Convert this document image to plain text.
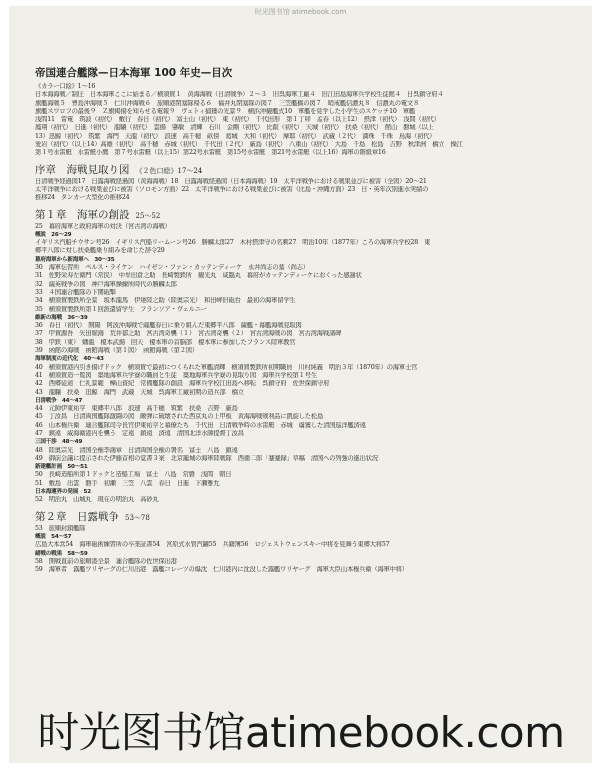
时光图书馆 atimebook.com
帝国連合艦隊—日本海軍 100 年史—目次
《カラー口絵》1〜16
日本海海戦／制圧　日本海軍ここに始まる／横須賀１　黄海海戦（日清戦争）２〜３　旧呉海軍工廠４　旧江田島海軍兵学校生徒館４　日呉鎮守府４
旗艦海戦５　豊島沖海戦５　仁川沖海戦６　旅順港閉塞隊帰る６　福井丸閉塞隊の図７　三笠艦橋の図７　哨戒艦信濃丸８　信濃丸の電文８
旗艦スワロフの最後９　Ｚ旗掲揚を知らせる電報９　ヴェトィ捕獲の光景９　横浜沖観艦式10　軍艦を見学した小学生のスケッチ10　軍艦
浅間11　雷電　筑波（初代）　敷行　春日（初代）　富士山（初代）　東（初代）　千代田形　第１丁卯　孟春（以上12）　摂津（初代）　浅間（初代）
鳳翔（初代）　日進（初代）　龍驤（初代）　雲揚　肇敏　清輝　石川　金剛（初代）　比叡（初代）　天城（初代）　扶桑（初代）　館山　磐城（以上
13）迅鯨（初代）　筑紫　海門　天龍（初代）　浪速　高千穂　畝傍　葛城　大和（初代）　摩耶（初代）　武蔵（２代）　満珠　千珠　鳥海（初代）
愛岩（初代）（以上14）高雄（初代）　高千穂　赤城（初代）　千代田（２代）　厳島（初代）　八重山（初代）　大島　千島　松島　吉野　秋津洲　橋立　操江
第１号水雷艇　水雷艇小鷹　第７号水雷艇（以上15）第22号水雷艇　第15号水雷艇　第21号水雷艇（以上16）海軍の階級章16
序章　海戦見取り図 《２色口絵》17〜24
日清戦争経過図17　日露海戦経過図（黄海海戦）18　日露海戦経過図（日本海海戦）19　太平洋戦争における戦果並びに被害（全図）20〜21
太平洋戦争における戦果並びに被害（ソロモン方面）22　太平洋戦争における戦果並びに被害（比島・沖縄方面）23　日・英年次別進水実績の
推移24　タンカー大型化の推移24
第１章　海軍の創設 25〜52
25　幕府海軍と政府海軍の対決（宮古湾の海戦）
概説　26〜29
イギリス汽船チウサン号26　イギリス汽船リームーン号26　勝麟太郎27　木村摂津守の名刺27　明治10年（1877年）ころの海軍兵学校28　東
郷平八郎に対し扶桑艦乗り組みを命じた辞令29
幕府海軍から新海軍へ　30〜35
30　海軍伝習所　ペルス・ライケン　ハイゼン・ファン・カッテンディーケ　永井尚志の墓（尚志）
31　佐野栄寿左衛門（常民）　中牟田倉之助　長崎製鉄所　観光丸　咸臨丸　幕府がカッテンディーケにおくった感謝状
32　薩英戦争の図　神戸海軍操練所時代の勝麟太郎
33　４国連合艦隊の下関砲撃
34　横須賀製鉄所全景　坂本龍馬　伊達陸之助（陸奥宗光）　和田岬旧砲台　最初の海軍留学生
35　横須賀製鉄所第１回派遣留学生　フランソア・ヴェルニー
維新の海戦　36〜39
36　春日（初代）　開陽　阿波沖海戦で薩艦春日に乗り組んだ東郷平八郎　薩艦・幕艦海戦見取図
37　甲賀源吾　矢田堀鴻　荒井郁之助　宮古湾奇襲（１）　宮古湾奇襲（２）　宮古湾海戦の図　宮古湾海戦諸碑
38　甲鉄（東）　蟠龍　榎本武揚　回天　榎本軍の首脳部　榎本軍に参加したフランス陸軍教官
39　函館の海戦　函館海戦（第１図）　函館海戦（第２図）
海軍制度の近代化　40〜43
40　横須賀港内引き揚げドック　横須賀で最初につくられた軍艦清輝　横須賀製鉄所初期職員　川村純義　明治３年（1870年）の海軍士官
41　横須賀造一覧図　築地海軍兵学寮の職員と生徒　築地海軍兵学寮の見取り図　海軍兵学校第１号生
42　西郷従道　仁礼景範　樺山資紀　常備艦隊の創設　海軍兵学校江田島へ移転　呉鎮守府　佐世保鎮守府
43　龍驤　扶桑　迅鯨　海門　武蔵　天城　呉海軍工廠初期の造兵部　橋立
日清戦争　44〜47
44　元帥伊東祐亨　東郷平八郎　浪速　高千穂　筑紫　扶桑　吉野　厳島
45　丁汝昌　日清両国艦隊激闘の図　敵弾に破壊された西京丸の上甲板　黄海海戦戦利品に凱旋した松島
46　山本権兵衛　連合艦隊司令長官伊東祐亨と幕僚たち　千代田　日清戦争時の水雷艇　赤城　虜獲した清国巡洋艦済遠
47　鎮遠　威海衛港内を襲う　定遠　鎮遠　済遠　清国北洋水師提督丁汝昌
三国干渉　48〜49
48　陸奥宗光　清国全権李鴻章　日清両国全権の署名　富士　八島　鎮遠
49　御前会議に提示された伊藤首相の覚書３案　北京籠城の海軍陸戦隊　西徳二郎「蹇蹇録」草稿　清国への列強の進出状況
新建艦計画　50〜51
50　長崎造船所第１ドックと造船工場　富士　八島　常磐　浅間　朝日
51　敷島　出雲　磐手　初瀬　三笠　八雲　春日　日進　下瀬雅允
日本海運界の発展　52
52　明治丸　山城丸　現在の明治丸　高砂丸
第２章　日露戦争 53〜78
53　旅順封鎖艦隊
概説　54〜57
広島大本営54　海軍砲術練習所の卒業証書54　宮原式水管汽罐55　兵籍簿56　ロジェストウェンスキー中将を見舞う東郷大将57
緒戦の戦果　58〜59
58　開戦直前の旅順港全景　連合艦隊の佐世保出港
59　海軍者　露艦ワリヤーグの仁川出港　露艦コレーツの爆沈　仁川港内に沈没した露艦ワリヤーグ　海軍大臣山本権兵衛（海軍中将）
时光图书馆atimebook.com
